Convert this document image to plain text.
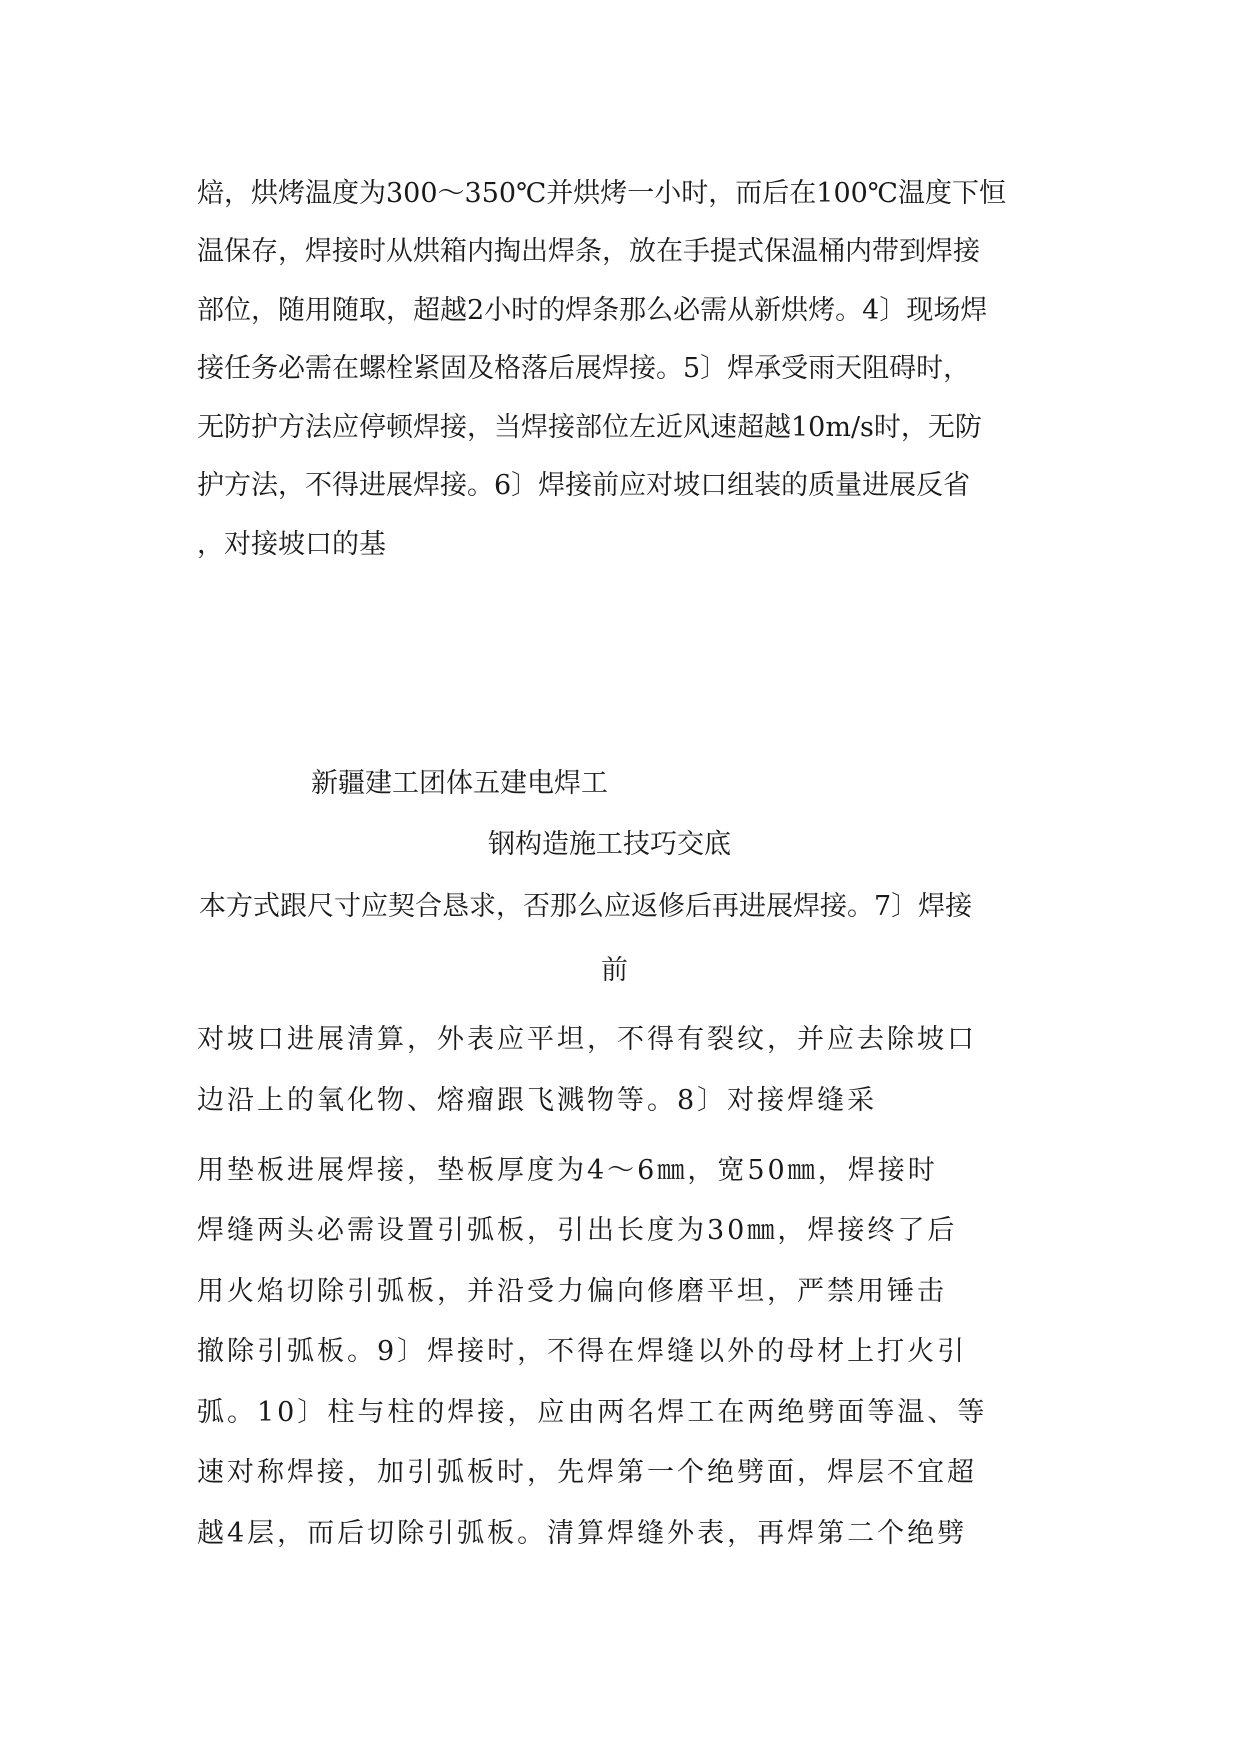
焙，烘烤温度为300～350℃并烘烤一小时，而后在100℃温度下恒
温保存，焊接时从烘箱内掏出焊条，放在手提式保温桶内带到焊接
部位，随用随取，超越2小时的焊条那么必需从新烘烤。4〕现场焊
接任务必需在螺栓紧固及格落后展焊接。5〕焊承受雨天阻碍时，
无防护方法应停顿焊接，当焊接部位左近风速超越10m/s时，无防
护方法，不得进展焊接。6〕焊接前应对坡口组装的质量进展反省
，对接坡口的基
新疆建工团体五建电焊工
钢构造施工技巧交底
本方式跟尺寸应契合恳求，否那么应返修后再进展焊接。7〕焊接
前
对坡口进展清算，外表应平坦，不得有裂纹，并应去除坡口
边沿上的氧化物、熔瘤跟飞溅物等。8〕对接焊缝采
用垫板进展焊接，垫板厚度为4～6㎜，宽50㎜，焊接时
焊缝两头必需设置引弧板，引出长度为30㎜，焊接终了后
用火焰切除引弧板，并沿受力偏向修磨平坦，严禁用锤击
撤除引弧板。9〕焊接时，不得在焊缝以外的母材上打火引
弧。10〕柱与柱的焊接，应由两名焊工在两绝劈面等温、等
速对称焊接，加引弧板时，先焊第一个绝劈面，焊层不宜超
越4层，而后切除引弧板。清算焊缝外表，再焊第二个绝劈
